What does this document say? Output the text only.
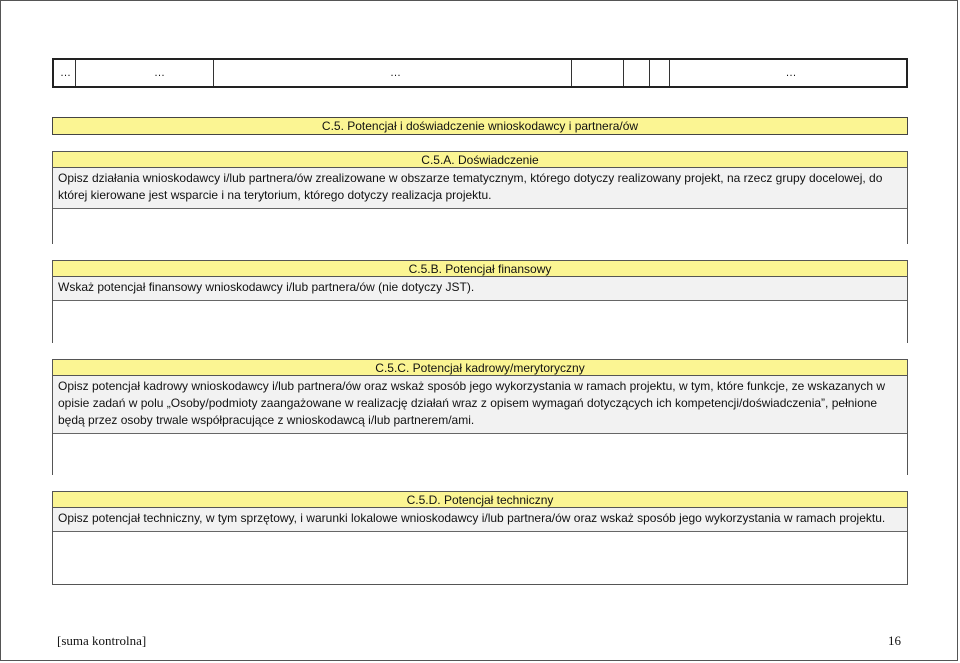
…	…	…	…
C.5. Potencjał i doświadczenie wnioskodawcy i partnera/ów
C.5.A. Doświadczenie
Opisz działania wnioskodawcy i/lub partnera/ów zrealizowane w obszarze tematycznym, którego dotyczy realizowany projekt, na rzecz grupy docelowej, do której kierowane jest wsparcie i na terytorium, którego dotyczy realizacja projektu.
C.5.B. Potencjał finansowy
Wskaż potencjał finansowy wnioskodawcy i/lub partnera/ów (nie dotyczy JST).
C.5.C. Potencjał kadrowy/merytoryczny
Opisz potencjał kadrowy wnioskodawcy i/lub partnera/ów oraz wskaż sposób jego wykorzystania w ramach projektu, w tym, które funkcje, ze wskazanych w opisie zadań w polu „Osoby/podmioty zaangażowane w realizację działań wraz z opisem wymagań dotyczących ich kompetencji/doświadczenia”, pełnione będą przez osoby trwale współpracujące z wnioskodawcą i/lub partnerem/ami.
C.5.D. Potencjał techniczny
Opisz potencjał techniczny, w tym sprzętowy, i warunki lokalowe wnioskodawcy i/lub partnera/ów oraz wskaż sposób jego wykorzystania w ramach projektu.
[suma kontrolna]	16
